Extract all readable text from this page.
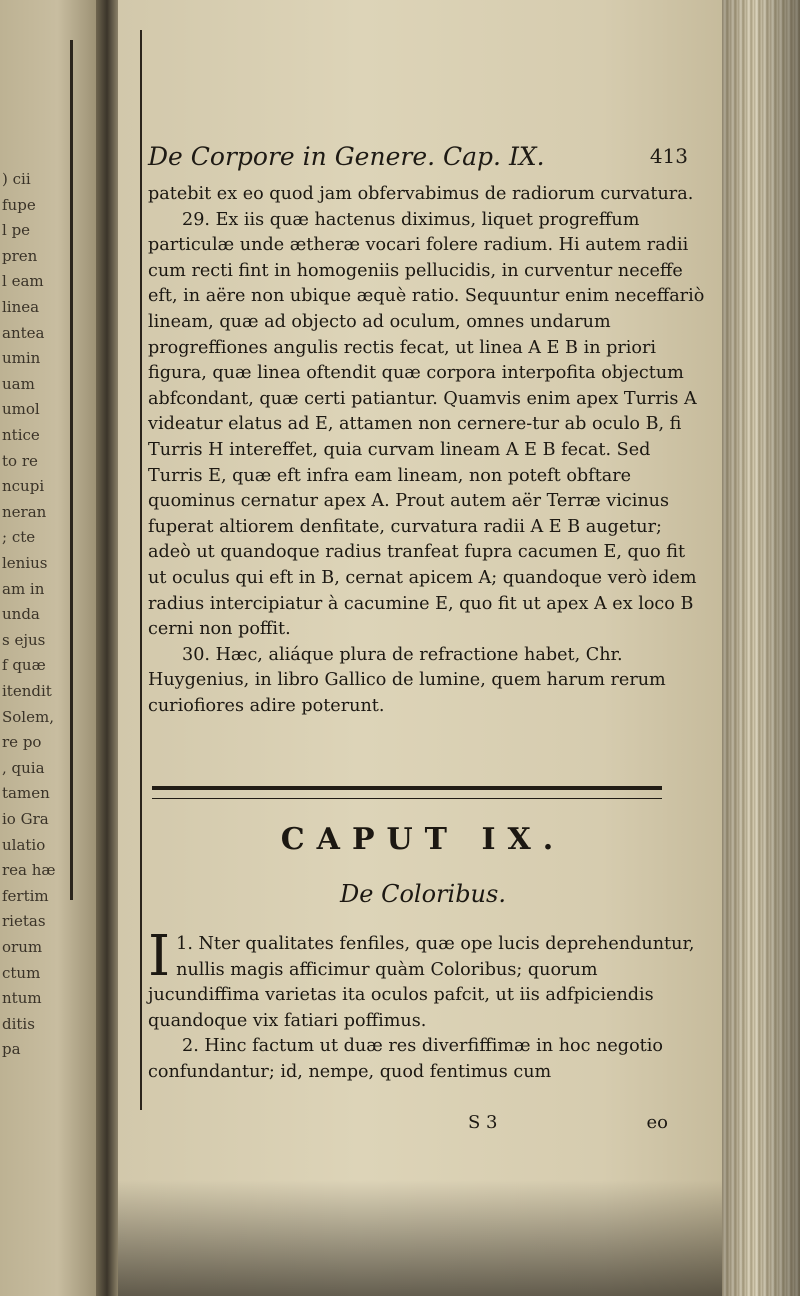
) cii
fupe
l pe
pren
l eam
linea
antea
umin
uam
umol
ntice
to re
ncupi
neran
; cte
lenius
am in
unda
s ejus
f quæ
itendit
Solem,
re po
, quia
tamen
io Gra
ulatio
rea hæ
fertim
rietas
orum
ctum
ntum
ditis
pa
De Corpore in Genere. Cap. IX.	413

patebit ex eo quod jam obfervabimus de radiorum curvatura.

29. Ex iis quæ hactenus diximus, liquet progreffum particulæ unde ætheræ vocari folere radium. Hi autem radii cum recti fint in homogeniis pellucidis, in curventur neceffe eft, in aëre non ubique æquè ratio. Sequuntur enim neceffariò lineam, quæ ad objecto ad oculum, omnes undarum progreffiones angulis rectis fecat, ut linea A E B in priori figura, quæ linea oftendit quæ corpora interpofita objectum abfcondant, quæ certi patiantur. Quamvis enim apex Turris A videatur elatus ad E, attamen non cernere-tur ab oculo B, fi Turris H intereffet, quia curvam lineam A E B fecat. Sed Turris E, quæ eft infra eam lineam, non poteft obftare quominus cernatur apex A. Prout autem aër Terræ vicinus fuperat altiorem denfitate, curvatura radii A E B augetur; adeò ut quandoque radius tranfeat fupra cacumen E, quo fit ut oculus qui eft in B, cernat apicem A; quandoque verò idem radius intercipiatur à cacumine E, quo fit ut apex A ex loco B cerni non poffit.

30. Hæc, aliáque plura de refractione habet, Chr. Huygenius, in libro Gallico de lumine, quem harum rerum curiofiores adire poterunt.

CAPUT IX.
De Coloribus.

1.
I Nter qualitates fenfiles, quæ ope lucis deprehenduntur, nullis magis afficimur quàm Coloribus; quorum jucundiffima varietas ita oculos pafcit, ut iis adfpiciendis quandoque vix fatiari poffimus.

2. Hinc factum ut duæ res diverfiffimæ in hoc negotio confundantur; id, nempe, quod fentimus cum

S 3	eo
